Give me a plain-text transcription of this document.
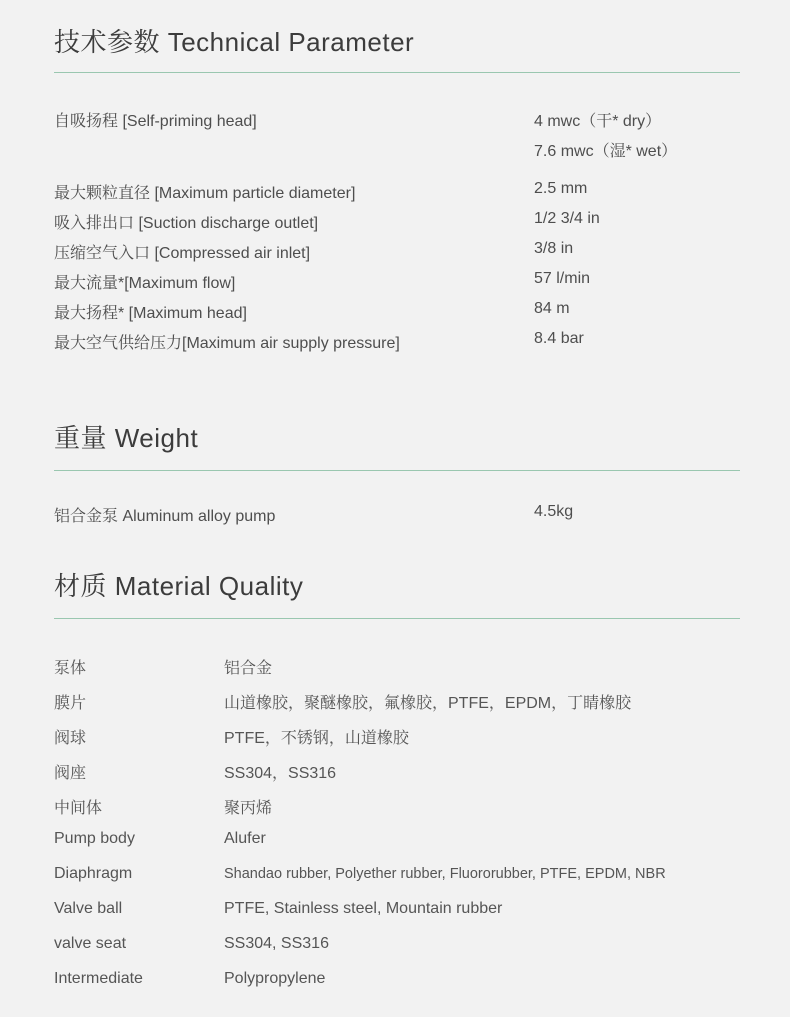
技术参数 Technical Parameter
自吸扬程 [Self-priming head]	4 mwc（干* dry）
7.6 mwc（湿* wet）
最大颗粒直径 [Maximum particle diameter]	2.5 mm
吸入排出口 [Suction discharge outlet]	1/2 3/4 in
压缩空气入口 [Compressed air inlet]	3/8 in
最大流量*[Maximum flow]	57 l/min
最大扬程* [Maximum head]	84 m
最大空气供给压力[Maximum air supply pressure]	8.4 bar
重量 Weight
铝合金泵 Aluminum alloy pump	4.5kg
材质 Material Quality
泵体	铝合金
膜片	山道橡胶，聚醚橡胶，氟橡胶，PTFE，EPDM，丁睛橡胶
阀球	PTFE，不锈钢，山道橡胶
阀座	SS304，SS316
中间体	聚丙烯
Pump body	Alufer
Diaphragm	Shandao rubber, Polyether rubber, Fluororubber, PTFE, EPDM, NBR
Valve ball	PTFE, Stainless steel, Mountain rubber
valve seat	SS304, SS316
Intermediate	Polypropylene
